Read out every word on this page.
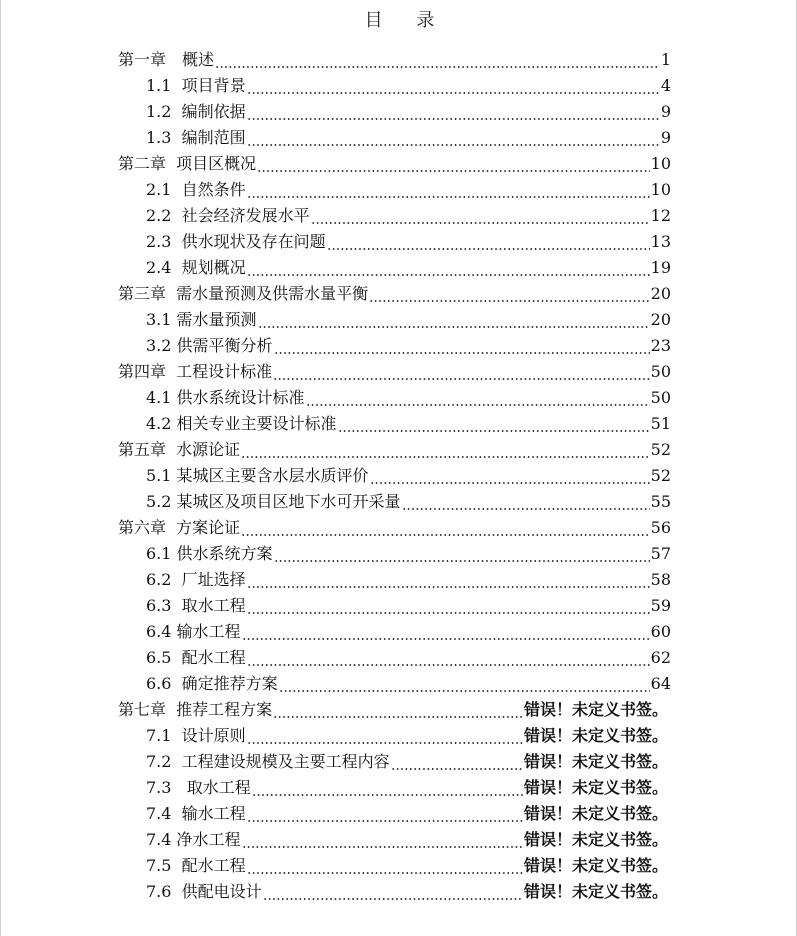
目 录
第一章　概述	1
1.1  项目背景	4
1.2  编制依据	9
1.3  编制范围	9
第二章  项目区概况	10
2.1  自然条件	10
2.2  社会经济发展水平	12
2.3  供水现状及存在问题	13
2.4  规划概况	19
第三章  需水量预测及供需水量平衡	20
3.1 需水量预测	20
3.2 供需平衡分析	23
第四章  工程设计标准	50
4.1 供水系统设计标准	50
4.2 相关专业主要设计标准	51
第五章  水源论证	52
5.1 某城区主要含水层水质评价	52
5.2 某城区及项目区地下水可开采量	55
第六章  方案论证	56
6.1 供水系统方案	57
6.2  厂址选择	58
6.3  取水工程	59
6.4 输水工程	60
6.5  配水工程	62
6.6  确定推荐方案	64
第七章  推荐工程方案	错误！未定义书签。
7.1  设计原则	错误！未定义书签。
7.2  工程建设规模及主要工程内容	错误！未定义书签。
7.3   取水工程	错误！未定义书签。
7.4  输水工程	错误！未定义书签。
7.4 净水工程	错误！未定义书签。
7.5  配水工程	错误！未定义书签。
7.6  供配电设计	错误！未定义书签。
